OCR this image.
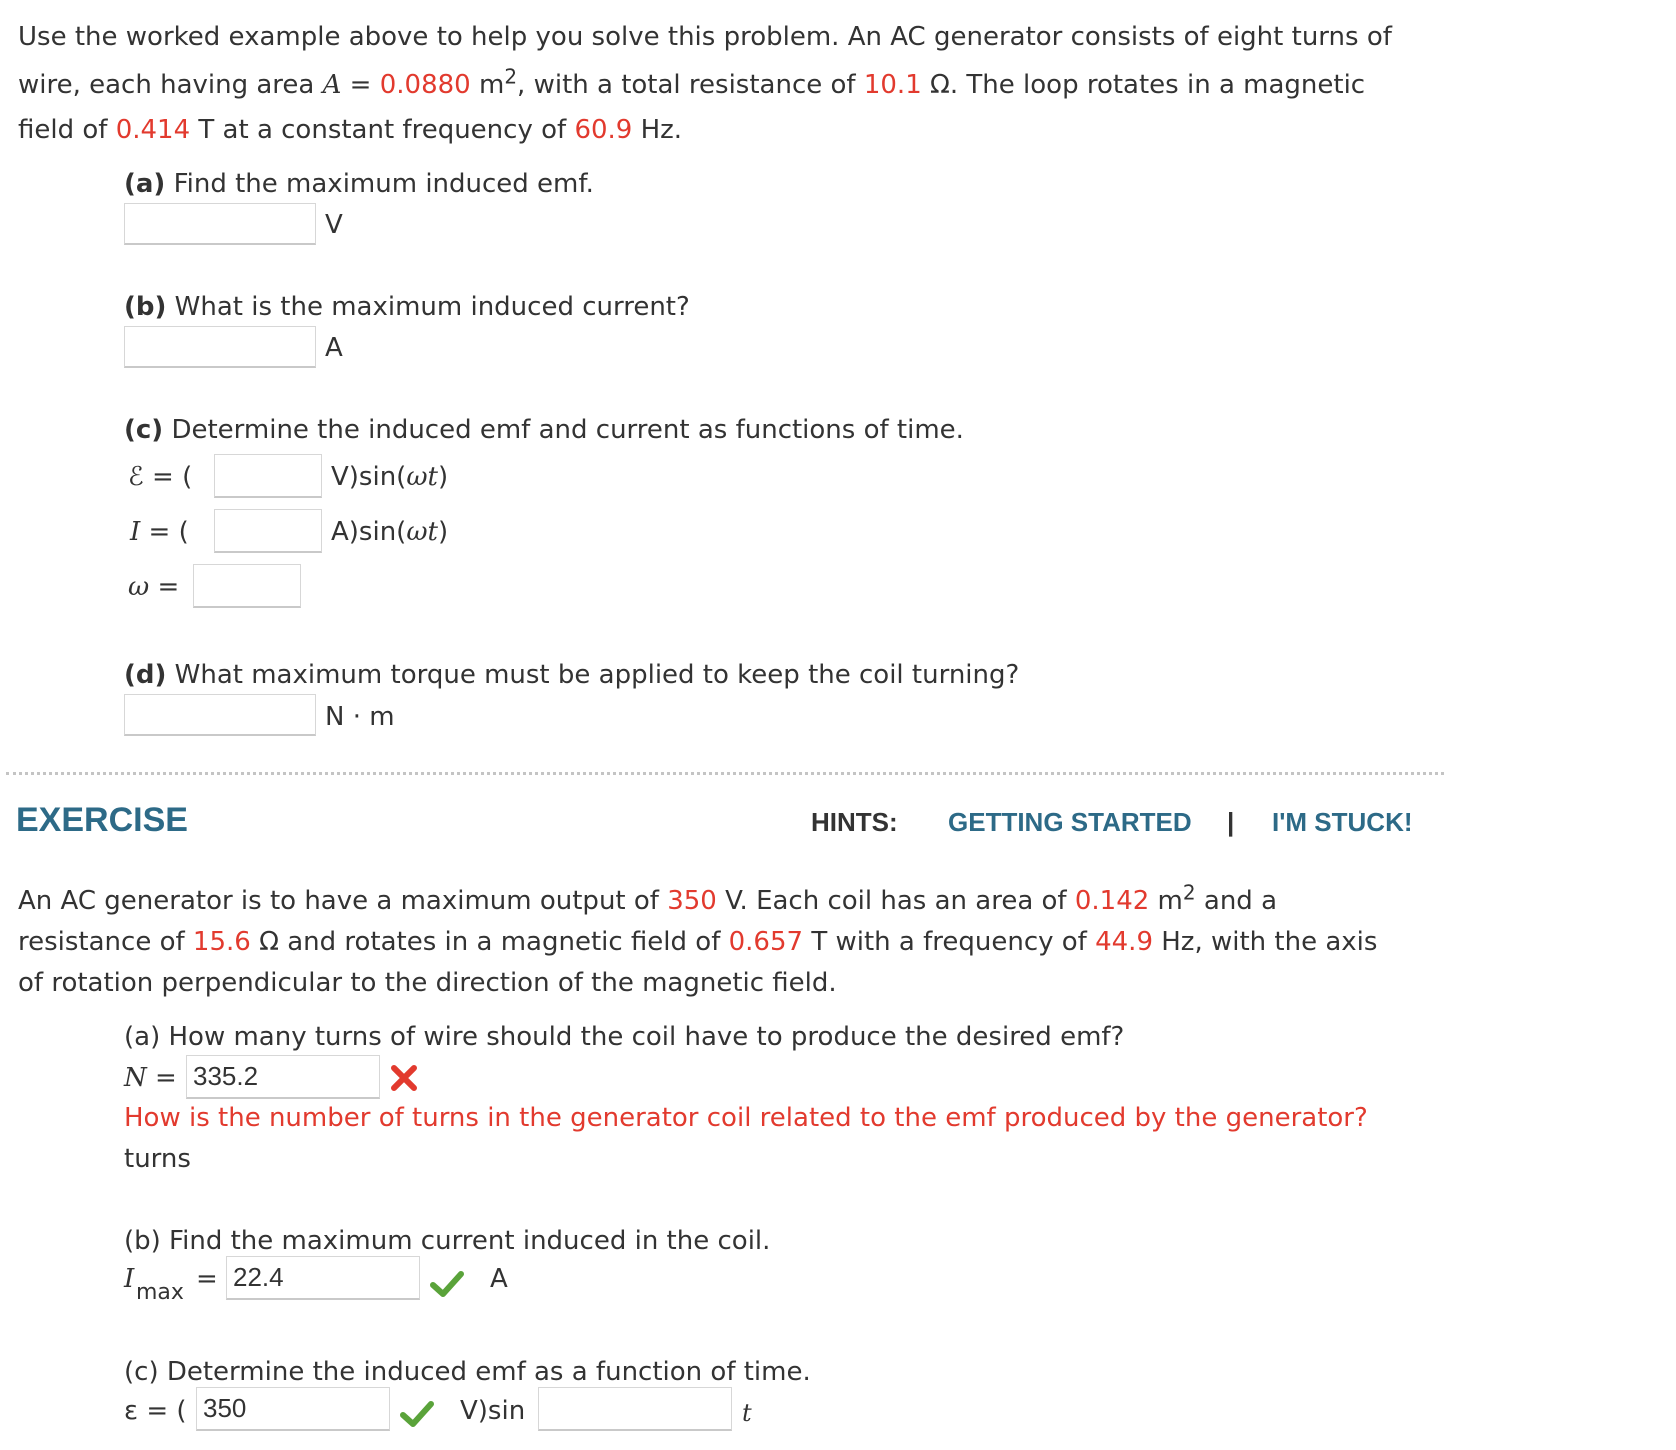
Use the worked example above to help you solve this problem. An AC generator consists of eight turns of
wire, each having area A = 0.0880 $m^2$, with a total resistance of 10.1 Ω. The loop rotates in a magnetic
field of 0.414 T at a constant frequency of 60.9 Hz.
(a) Find the maximum induced emf.
V
(b) What is the maximum induced current?
A
(c) Determine the induced emf and current as functions of time.
ℰ = (	V)sin(ωt)
I = (	A)sin(ωt)
ω =
(d) What maximum torque must be applied to keep the coil turning?
N · m
EXERCISE	HINTS: GETTING STARTED | I'M STUCK!
An AC generator is to have a maximum output of 350 V. Each coil has an area of 0.142 $m^2$ and a
resistance of 15.6 Ω and rotates in a magnetic field of 0.657 T with a frequency of 44.9 Hz, with the axis
of rotation perpendicular to the direction of the magnetic field.
(a) How many turns of wire should the coil have to produce the desired emf?
N = 335.2
How is the number of turns in the generator coil related to the emf produced by the generator?
turns
(b) Find the maximum current induced in the coil.
I max = 22.4	A
(c) Determine the induced emf as a function of time.
ε = ( 350	V)sin	t
